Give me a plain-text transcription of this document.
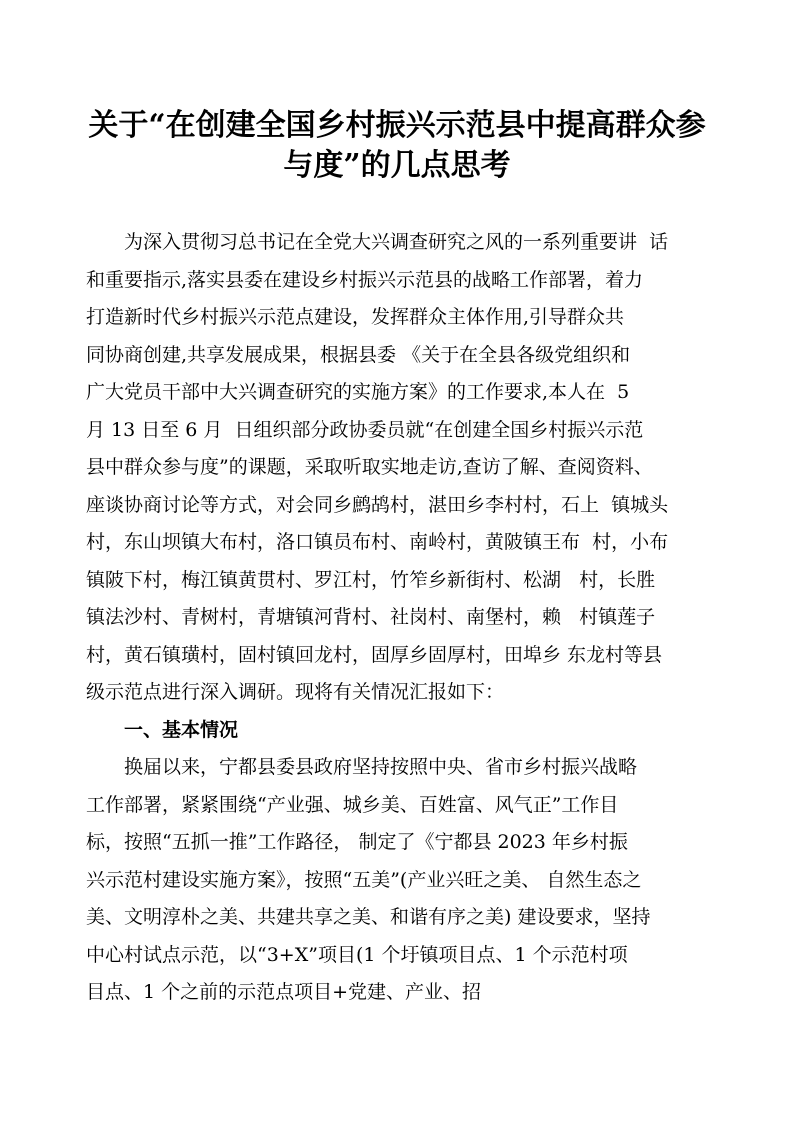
关于“在创建全国乡村振兴示范县中提高群众参
与度”的几点思考
为深入贯彻习总书记在全党大兴调查研究之风的一系列重要讲  话
和重要指示,落实县委在建设乡村振兴示范县的战略工作部署，着力
打造新时代乡村振兴示范点建设，发挥群众主体作用,引导群众共
同协商创建,共享发展成果，根据县委 《关于在全县各级党组织和
广大党员干部中大兴调查研究的实施方案》的工作要求,本人在  5
月 13 日至 6 月  日组织部分政协委员就“在创建全国乡村振兴示范
县中群众参与度”的课题，采取听取实地走访,查访了解、查阅资料、
座谈协商讨论等方式，对会同乡鹧鸪村，湛田乡李村村，石上  镇城头
村，东山坝镇大布村，洛口镇员布村、南岭村，黄陂镇王布  村，小布
镇陂下村，梅江镇黄贯村、罗江村，竹笮乡新街村、松湖   村，长胜
镇法沙村、青树村，青塘镇河背村、社岗村、南堡村，赖   村镇莲子
村，黄石镇璜村，固村镇回龙村，固厚乡固厚村，田埠乡 东龙村等县
级示范点进行深入调研。现将有关情况汇报如下：
一、基本情况
换届以来，宁都县委县政府坚持按照中央、省市乡村振兴战略
工作部署，紧紧围绕“产业强、城乡美、百姓富、风气正”工作目
标，按照“五抓一推”工作路径， 制定了《宁都县 2023 年乡村振
兴示范村建设实施方案》，按照“五美”(产业兴旺之美、 自然生态之
美、文明淳朴之美、共建共享之美、和谐有序之美) 建设要求，坚持
中心村试点示范，以“3+X”项目(1 个圩镇项目点、1 个示范村项
目点、1 个之前的示范点项目+党建、产业、招
